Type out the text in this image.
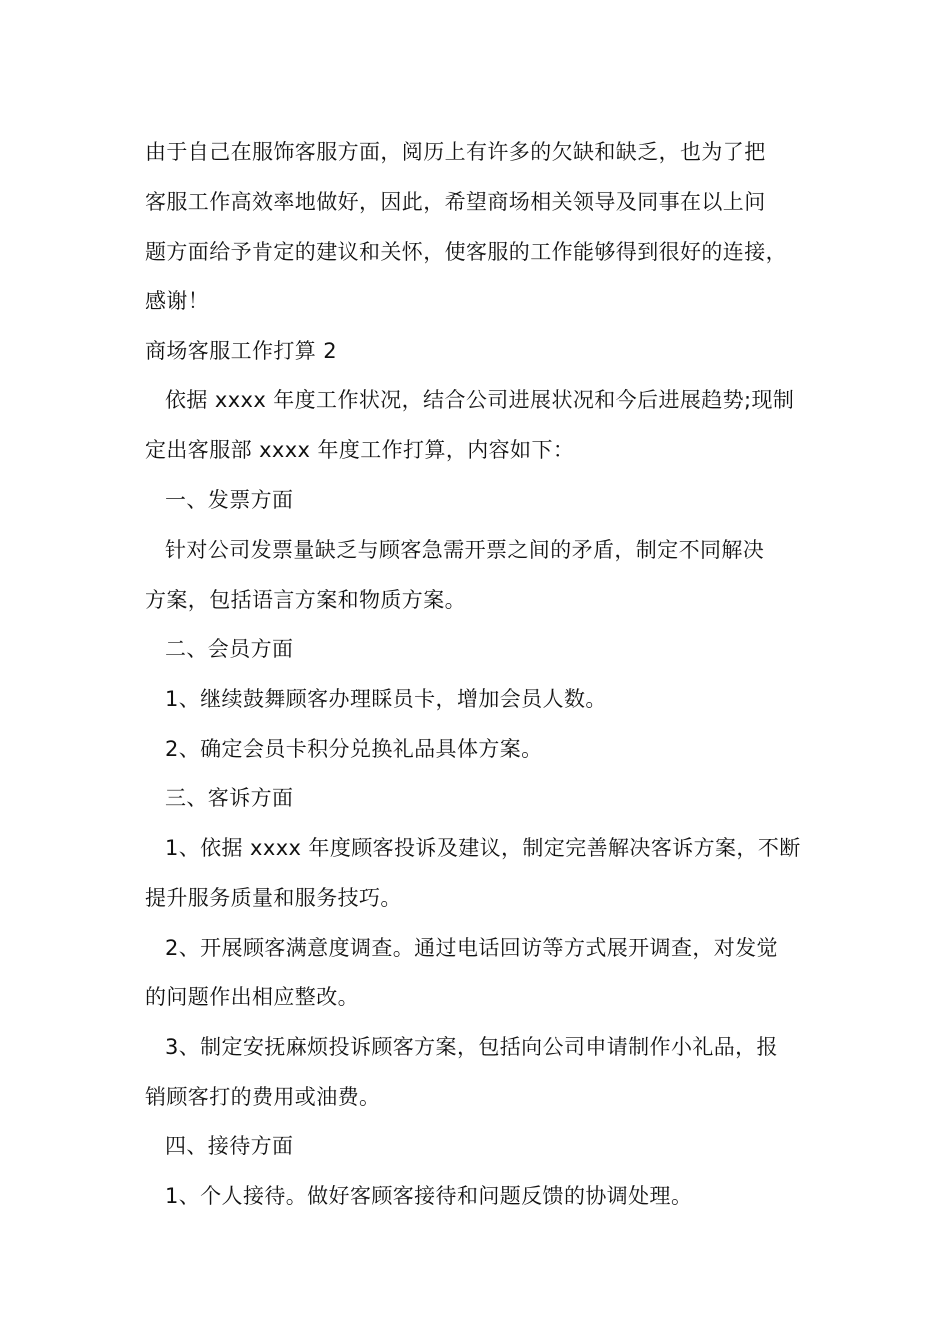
由于自己在服饰客服方面，阅历上有许多的欠缺和缺乏，也为了把
客服工作高效率地做好，因此，希望商场相关领导及同事在以上问
题方面给予肯定的建议和关怀，使客服的工作能够得到很好的连接，
感谢！
商场客服工作打算 2
依据 xxxx 年度工作状况，结合公司进展状况和今后进展趋势;现制
定出客服部 xxxx 年度工作打算，内容如下：
一、发票方面
针对公司发票量缺乏与顾客急需开票之间的矛盾，制定不同解决
方案，包括语言方案和物质方案。
二、会员方面
1、继续鼓舞顾客办理睬员卡，增加会员人数。
2、确定会员卡积分兑换礼品具体方案。
三、客诉方面
1、依据 xxxx 年度顾客投诉及建议，制定完善解决客诉方案，不断
提升服务质量和服务技巧。
2、开展顾客满意度调查。通过电话回访等方式展开调查，对发觉
的问题作出相应整改。
3、制定安抚麻烦投诉顾客方案，包括向公司申请制作小礼品，报
销顾客打的费用或油费。
四、接待方面
1、个人接待。做好客顾客接待和问题反馈的协调处理。
